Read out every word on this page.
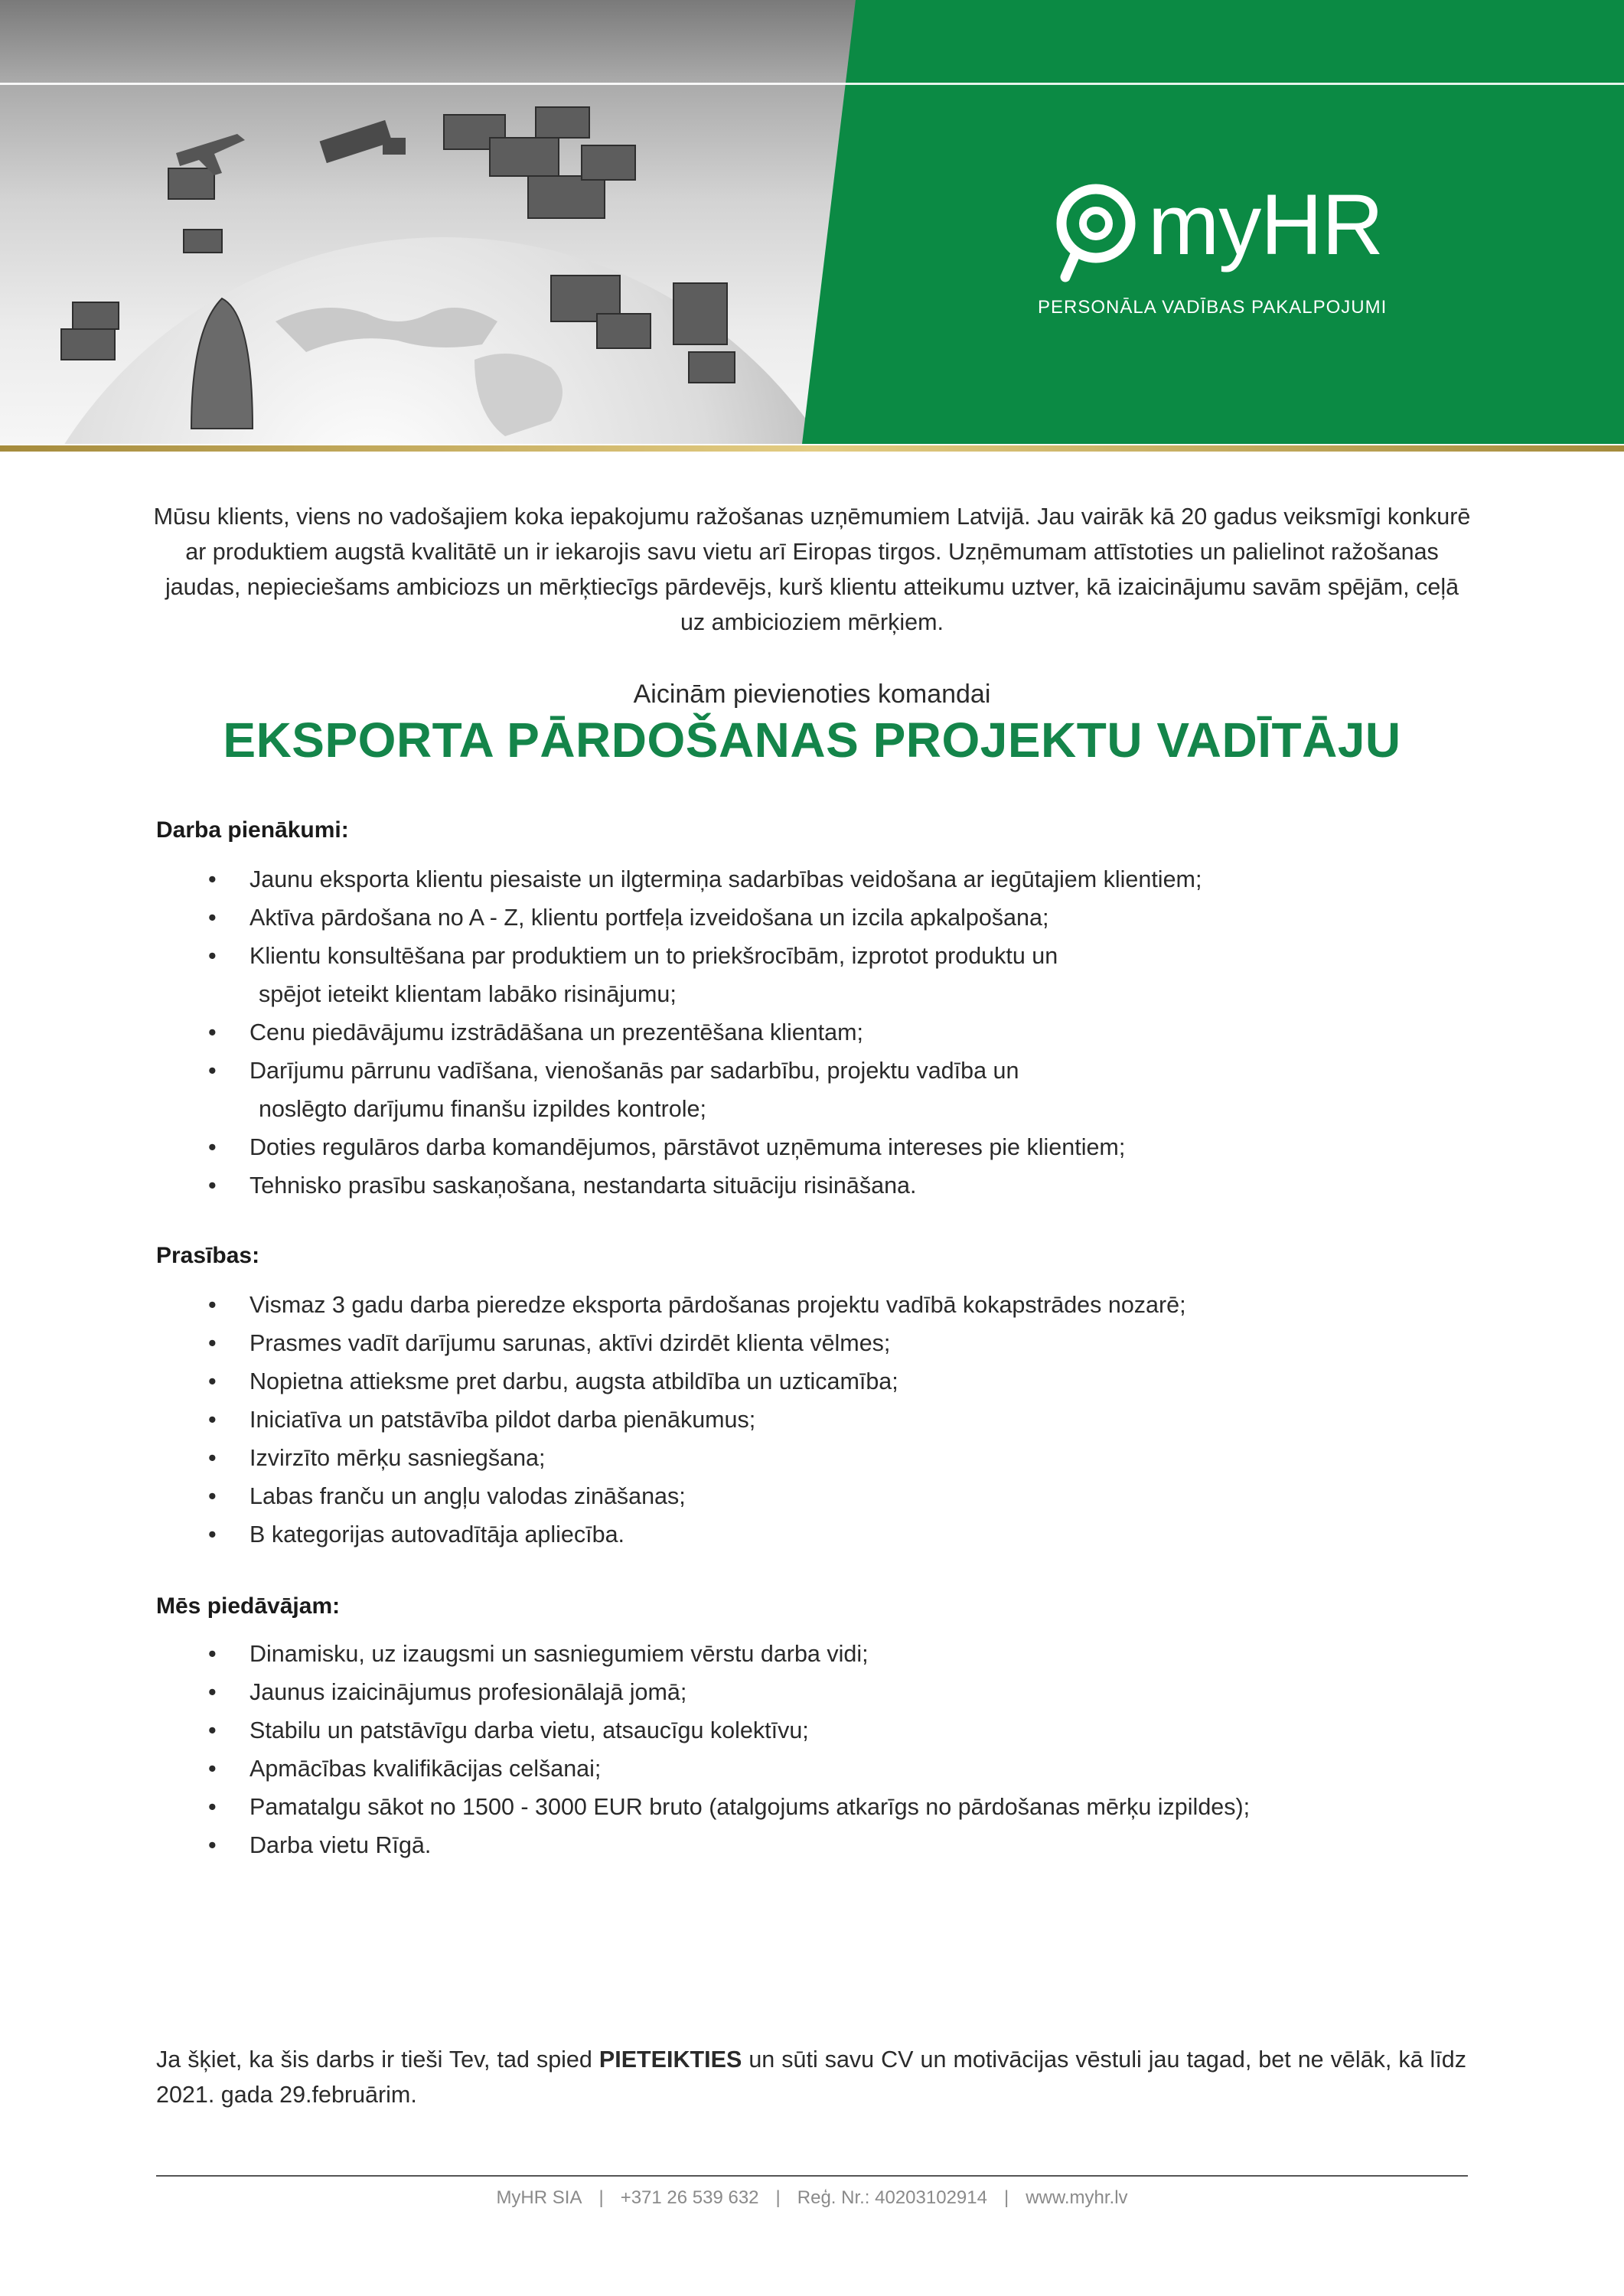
myHR
PERSONĀLA VADĪBAS PAKALPOJUMI
Mūsu klients, viens no vadošajiem koka iepakojumu ražošanas uzņēmumiem Latvijā. Jau vairāk kā 20 gadus veiksmīgi konkurē ar produktiem augstā kvalitātē un ir iekarojis savu vietu arī Eiropas tirgos. Uzņēmumam attīstoties un palielinot ražošanas jaudas, nepieciešams ambiciozs un mērķtiecīgs pārdevējs, kurš klientu atteikumu uztver, kā izaicinājumu savām spējām, ceļā uz ambicioziem mērķiem.
Aicinām pievienoties komandai
EKSPORTA PĀRDOŠANAS PROJEKTU VADĪTĀJU
Darba pienākumi:
• Jaunu eksporta klientu piesaiste un ilgtermiņa sadarbības veidošana ar iegūtajiem klientiem;
• Aktīva pārdošana no A - Z, klientu portfeļa izveidošana un izcila apkalpošana;
• Klientu konsultēšana par produktiem un to priekšrocībām, izprotot produktu un
spējot ieteikt klientam labāko risinājumu;
• Cenu piedāvājumu izstrādāšana un prezentēšana klientam;
• Darījumu pārrunu vadīšana, vienošanās par sadarbību, projektu vadība un
noslēgto darījumu finanšu izpildes kontrole;
• Doties regulāros darba komandējumos, pārstāvot uzņēmuma intereses pie klientiem;
• Tehnisko prasību saskaņošana, nestandarta situāciju risināšana.
Prasības:
• Vismaz 3 gadu darba pieredze eksporta pārdošanas projektu vadībā kokapstrādes nozarē;
• Prasmes vadīt darījumu sarunas, aktīvi dzirdēt klienta vēlmes;
• Nopietna attieksme pret darbu, augsta atbildība un uzticamība;
• Iniciatīva un patstāvība pildot darba pienākumus;
• Izvirzīto mērķu sasniegšana;
• Labas franču un angļu valodas zināšanas;
• B kategorijas autovadītāja apliecība.
Mēs piedāvājam:
• Dinamisku, uz izaugsmi un sasniegumiem vērstu darba vidi;
• Jaunus izaicinājumus profesionālajā jomā;
• Stabilu un patstāvīgu darba vietu, atsaucīgu kolektīvu;
• Apmācības kvalifikācijas celšanai;
• Pamatalgu sākot no 1500 - 3000 EUR bruto (atalgojums atkarīgs no pārdošanas mērķu izpildes);
• Darba vietu Rīgā.
Ja šķiet, ka šis darbs ir tieši Tev, tad spied PIETEIKTIES un sūti savu CV un motivācijas vēstuli jau tagad, bet ne vēlāk, kā līdz 2021. gada 29.februārim.
MyHR SIA | +371 26 539 632 | Reģ. Nr.: 40203102914 | www.myhr.lv
